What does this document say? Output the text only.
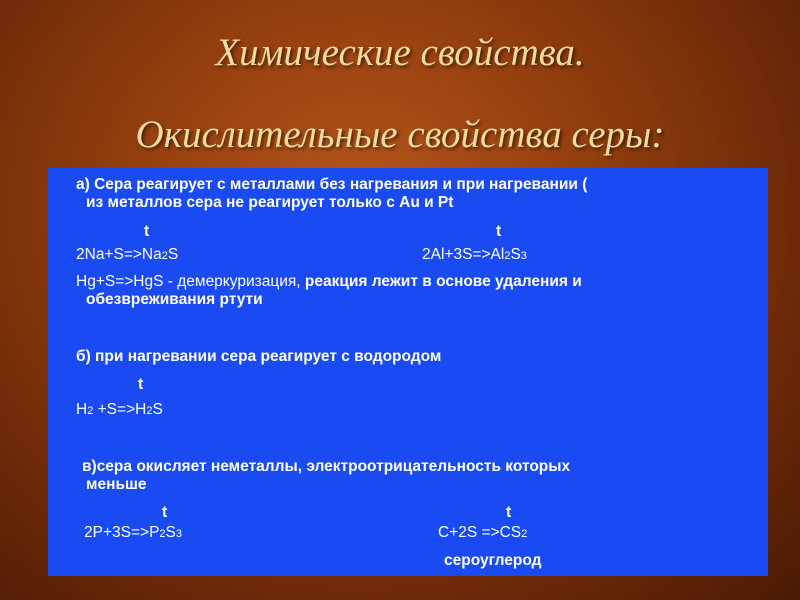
Химические свойства.
Окислительные свойства серы:
а) Сера реагирует с металлами без нагревания и при нагревании (
из металлов сера не реагирует только с Au и Pt
t	t
2Na+S=>Na2S	2Al+3S=>Al2S3
Hg+S=>HgS - демеркуризация, реакция лежит в основе удаления и
обезвреживания ртути
б) при нагревании сера реагирует с водородом
t
H2 +S=>H2S
в)сера окисляет неметаллы, электроотрицательность которых
меньше
t	t
2P+3S=>P2S3	C+2S =>CS2
сероуглерод
